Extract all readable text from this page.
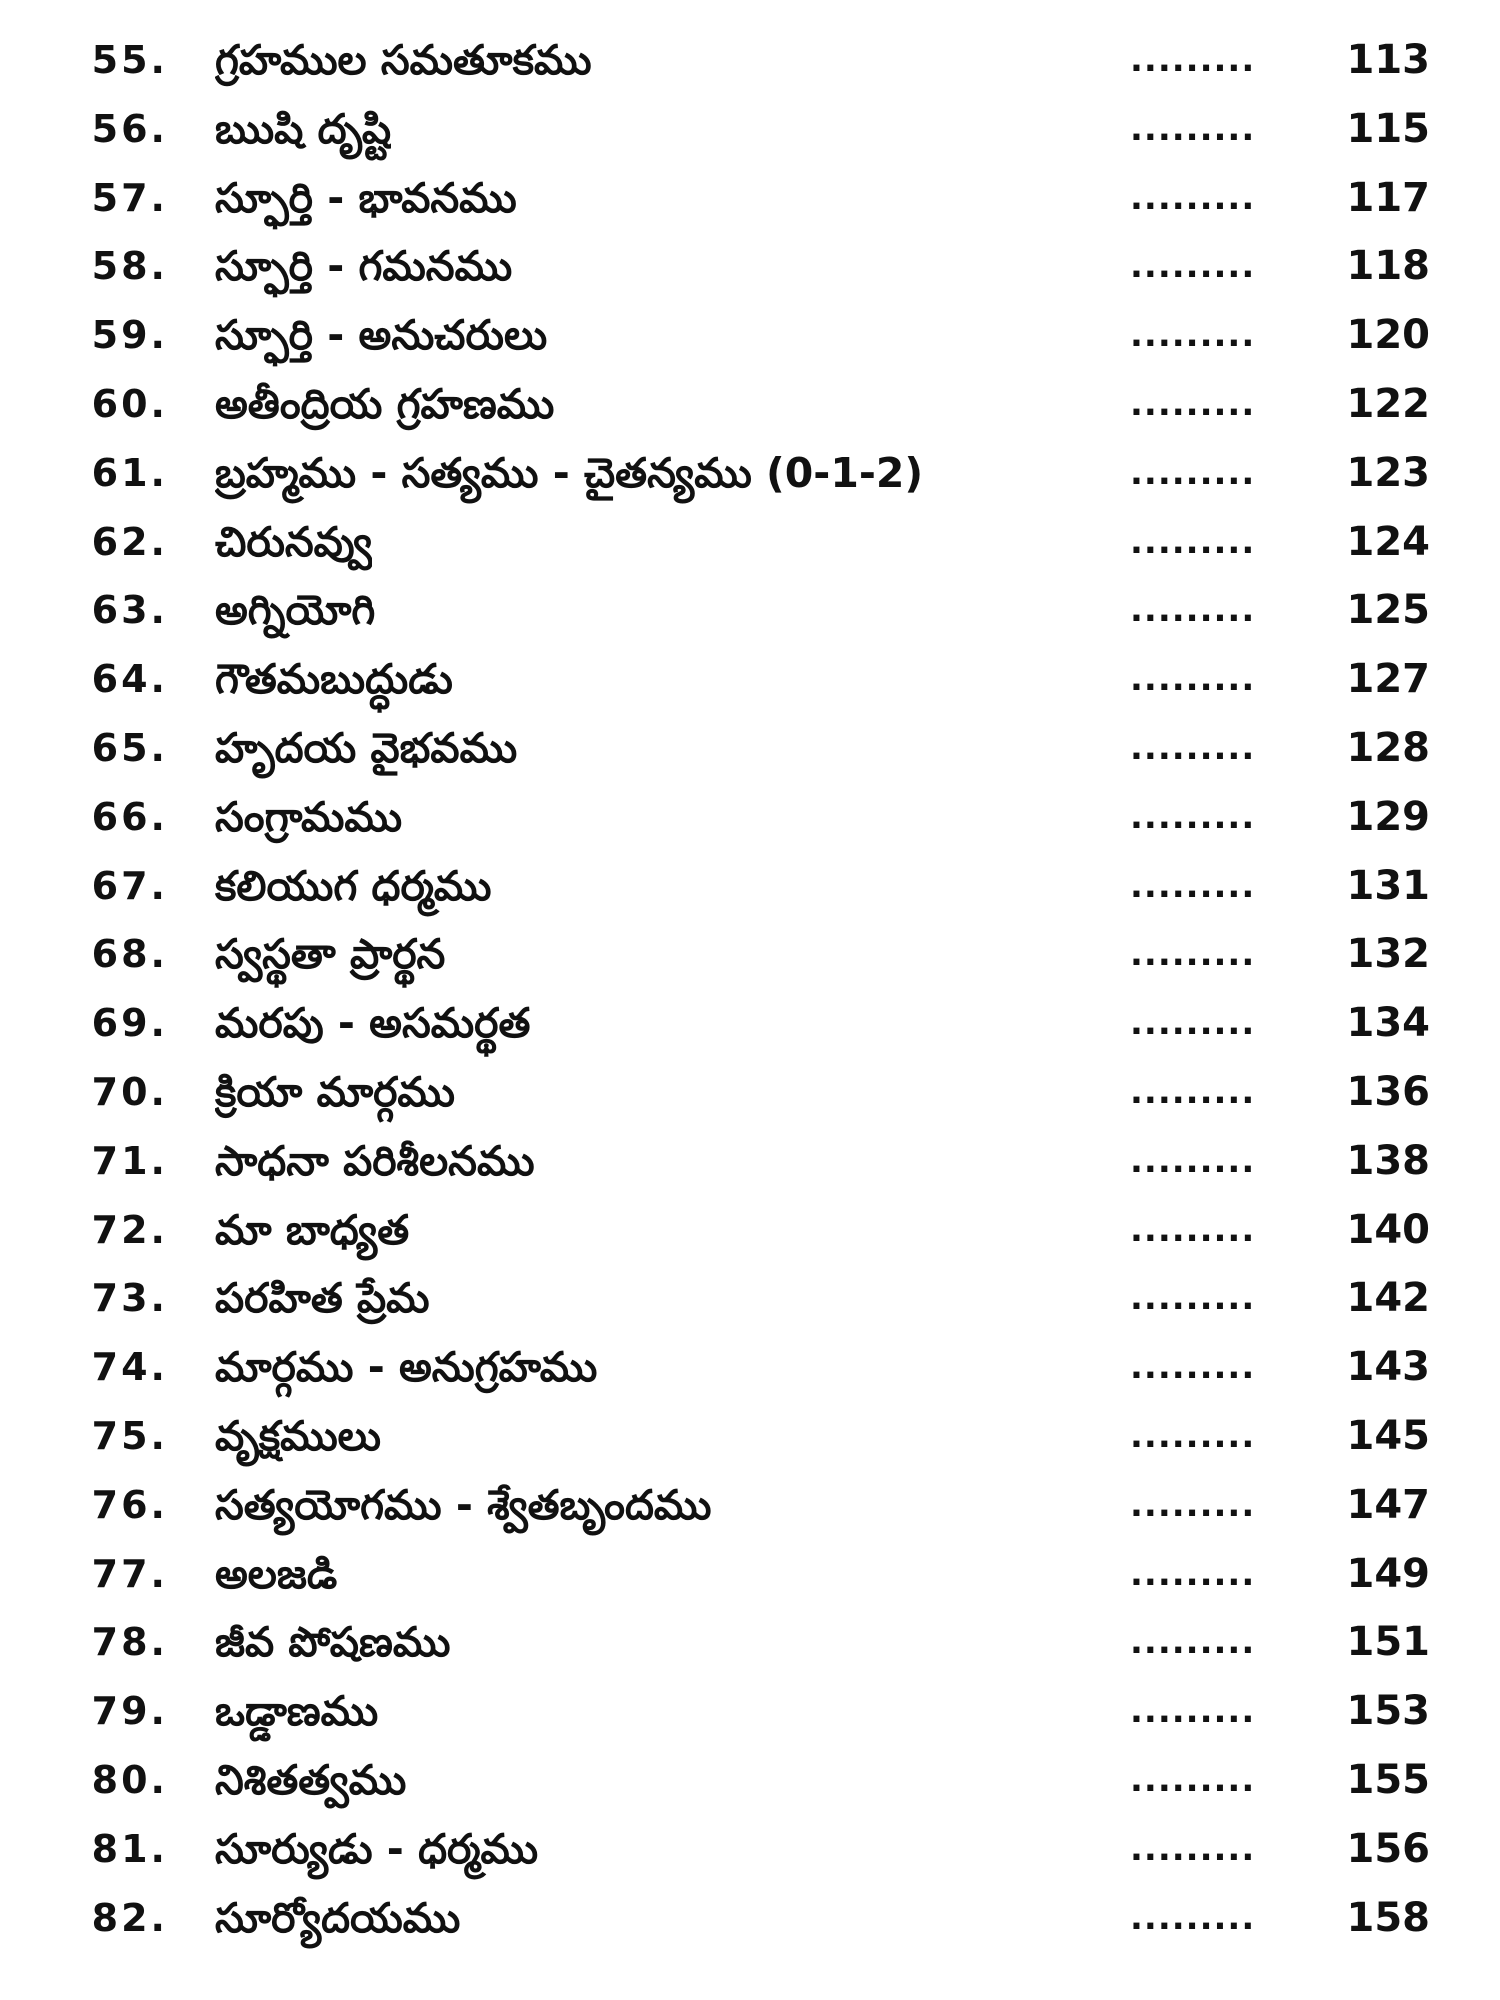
55. గ్రహముల సమతూకము	.........	113
56. ఋషి దృష్టి	.........	115
57. స్ఫూర్తి - భావనము	.........	117
58. స్ఫూర్తి - గమనము	.........	118
59. స్ఫూర్తి - అనుచరులు	.........	120
60. అతీంద్రియ గ్రహణము	.........	122
61. బ్రహ్మము - సత్యము - చైతన్యము (0-1-2)	.........	123
62. చిరునవ్వు	.........	124
63. అగ్నియోగి	.........	125
64. గౌతమబుద్ధుడు	.........	127
65. హృదయ వైభవము	.........	128
66. సంగ్రామము	.........	129
67. కలియుగ ధర్మము	.........	131
68. స్వస్థతా ప్రార్థన	.........	132
69. మరపు - అసమర్థత	.........	134
70. క్రియా మార్గము	.........	136
71. సాధనా పరిశీలనము	.........	138
72. మా బాధ్యత	.........	140
73. పరహిత ప్రేమ	.........	142
74. మార్గము - అనుగ్రహము	.........	143
75. వృక్షములు	.........	145
76. సత్యయోగము - శ్వేతబృందము	.........	147
77. అలజడి	.........	149
78. జీవ పోషణము	.........	151
79. ఒడ్డాణము	.........	153
80. నిశితత్వము	.........	155
81. సూర్యుడు - ధర్మము	.........	156
82. సూర్యోదయము	.........	158
